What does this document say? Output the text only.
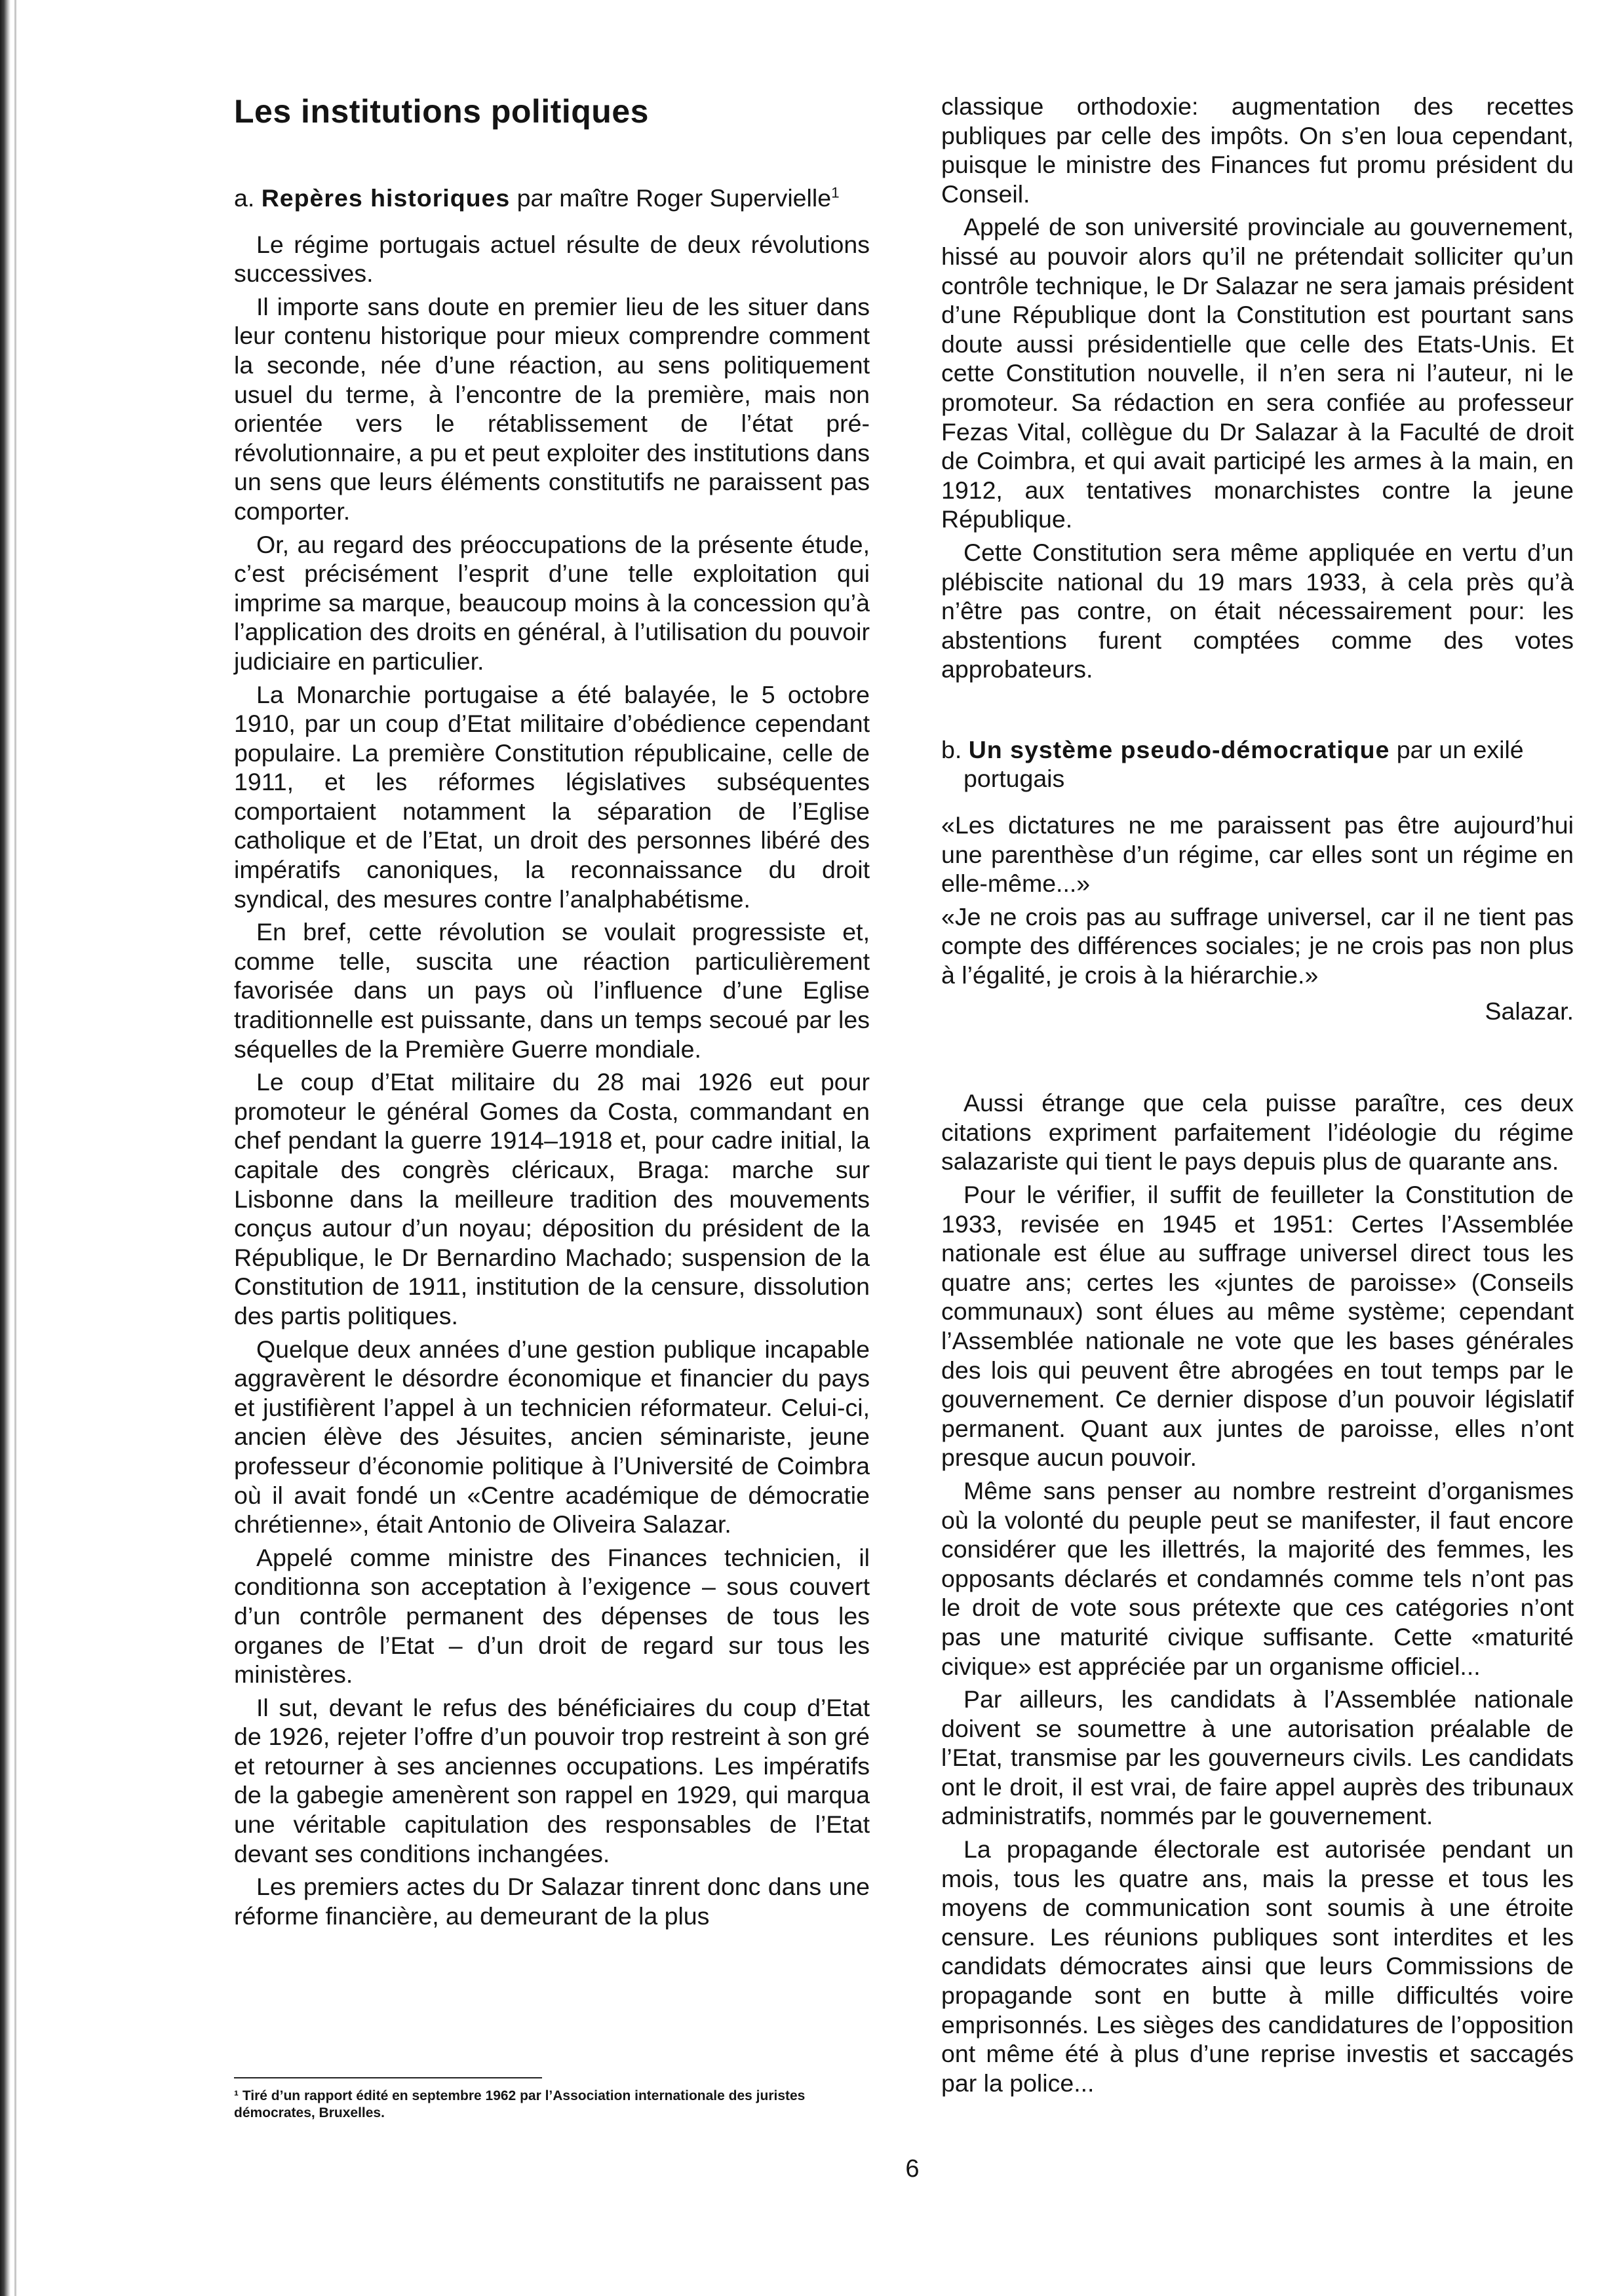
Les institutions politiques
a. Repères historiques par maître Roger Supervielle$^1$

Le régime portugais actuel résulte de deux révolutions successives.

Il importe sans doute en premier lieu de les situer dans leur contenu historique pour mieux comprendre comment la seconde, née d’une réaction, au sens politiquement usuel du terme, à l’encontre de la première, mais non orientée vers le rétablissement de l’état pré-révolutionnaire, a pu et peut exploiter des institutions dans un sens que leurs éléments constitutifs ne paraissent pas comporter.

Or, au regard des préoccupations de la présente étude, c’est précisément l’esprit d’une telle exploitation qui imprime sa marque, beaucoup moins à la concession qu’à l’application des droits en général, à l’utilisation du pouvoir judiciaire en particulier.

La Monarchie portugaise a été balayée, le 5 octobre 1910, par un coup d’Etat militaire d’obédience cependant populaire. La première Constitution républicaine, celle de 1911, et les réformes législatives subséquentes comportaient notamment la séparation de l’Eglise catholique et de l’Etat, un droit des personnes libéré des impératifs canoniques, la reconnaissance du droit syndical, des mesures contre l’analphabétisme.

En bref, cette révolution se voulait progressiste et, comme telle, suscita une réaction particulièrement favorisée dans un pays où l’influence d’une Eglise traditionnelle est puissante, dans un temps secoué par les séquelles de la Première Guerre mondiale.

Le coup d’Etat militaire du 28 mai 1926 eut pour promoteur le général Gomes da Costa, commandant en chef pendant la guerre 1914–1918 et, pour cadre initial, la capitale des congrès cléricaux, Braga: marche sur Lisbonne dans la meilleure tradition des mouvements conçus autour d’un noyau; déposition du président de la République, le Dr Bernardino Machado; suspension de la Constitution de 1911, institution de la censure, dissolution des partis politiques.

Quelque deux années d’une gestion publique incapable aggravèrent le désordre économique et financier du pays et justifièrent l’appel à un technicien réformateur. Celui-ci, ancien élève des Jésuites, ancien séminariste, jeune professeur d’économie politique à l’Université de Coimbra où il avait fondé un «Centre académique de démocratie chrétienne», était Antonio de Oliveira Salazar.

Appelé comme ministre des Finances technicien, il conditionna son acceptation à l’exigence – sous couvert d’un contrôle permanent des dépenses de tous les organes de l’Etat – d’un droit de regard sur tous les ministères.

Il sut, devant le refus des bénéficiaires du coup d’Etat de 1926, rejeter l’offre d’un pouvoir trop restreint à son gré et retourner à ses anciennes occupations. Les impératifs de la gabegie amenèrent son rappel en 1929, qui marqua une véritable capitulation des responsables de l’Etat devant ses conditions inchangées.

Les premiers actes du Dr Salazar tinrent donc dans une réforme financière, au demeurant de la plus

classique orthodoxie: augmentation des recettes publiques par celle des impôts. On s’en loua cependant, puisque le ministre des Finances fut promu président du Conseil.

Appelé de son université provinciale au gouvernement, hissé au pouvoir alors qu’il ne prétendait solliciter qu’un contrôle technique, le Dr Salazar ne sera jamais président d’une République dont la Constitution est pourtant sans doute aussi présidentielle que celle des Etats-Unis. Et cette Constitution nouvelle, il n’en sera ni l’auteur, ni le promoteur. Sa rédaction en sera confiée au professeur Fezas Vital, collègue du Dr Salazar à la Faculté de droit de Coimbra, et qui avait participé les armes à la main, en 1912, aux tentatives monarchistes contre la jeune République.

Cette Constitution sera même appliquée en vertu d’un plébiscite national du 19 mars 1933, à cela près qu’à n’être pas contre, on était nécessairement pour: les abstentions furent comptées comme des votes approbateurs.

b. Un système pseudo-démocratique par un exilé portugais

«Les dictatures ne me paraissent pas être aujourd’hui une parenthèse d’un régime, car elles sont un régime en elle-même...»

«Je ne crois pas au suffrage universel, car il ne tient pas compte des différences sociales; je ne crois pas non plus à l’égalité, je crois à la hiérarchie.»

Salazar.

Aussi étrange que cela puisse paraître, ces deux citations expriment parfaitement l’idéologie du régime salazariste qui tient le pays depuis plus de quarante ans.

Pour le vérifier, il suffit de feuilleter la Constitution de 1933, revisée en 1945 et 1951: Certes l’Assemblée nationale est élue au suffrage universel direct tous les quatre ans; certes les «juntes de paroisse» (Conseils communaux) sont élues au même système; cependant l’Assemblée nationale ne vote que les bases générales des lois qui peuvent être abrogées en tout temps par le gouvernement. Ce dernier dispose d’un pouvoir législatif permanent. Quant aux juntes de paroisse, elles n’ont presque aucun pouvoir.

Même sans penser au nombre restreint d’organismes où la volonté du peuple peut se manifester, il faut encore considérer que les illettrés, la majorité des femmes, les opposants déclarés et condamnés comme tels n’ont pas le droit de vote sous prétexte que ces catégories n’ont pas une maturité civique suffisante. Cette «maturité civique» est appréciée par un organisme officiel...

Par ailleurs, les candidats à l’Assemblée nationale doivent se soumettre à une autorisation préalable de l’Etat, transmise par les gouverneurs civils. Les candidats ont le droit, il est vrai, de faire appel auprès des tribunaux administratifs, nommés par le gouvernement.

La propagande électorale est autorisée pendant un mois, tous les quatre ans, mais la presse et tous les moyens de communication sont soumis à une étroite censure. Les réunions publiques sont interdites et les candidats démocrates ainsi que leurs Commissions de propagande sont en butte à mille difficultés voire emprisonnés. Les sièges des candidatures de l’opposition ont même été à plus d’une reprise investis et saccagés par la police...

¹ Tiré d’un rapport édité en septembre 1962 par l’Association internationale des juristes démocrates, Bruxelles.
6
